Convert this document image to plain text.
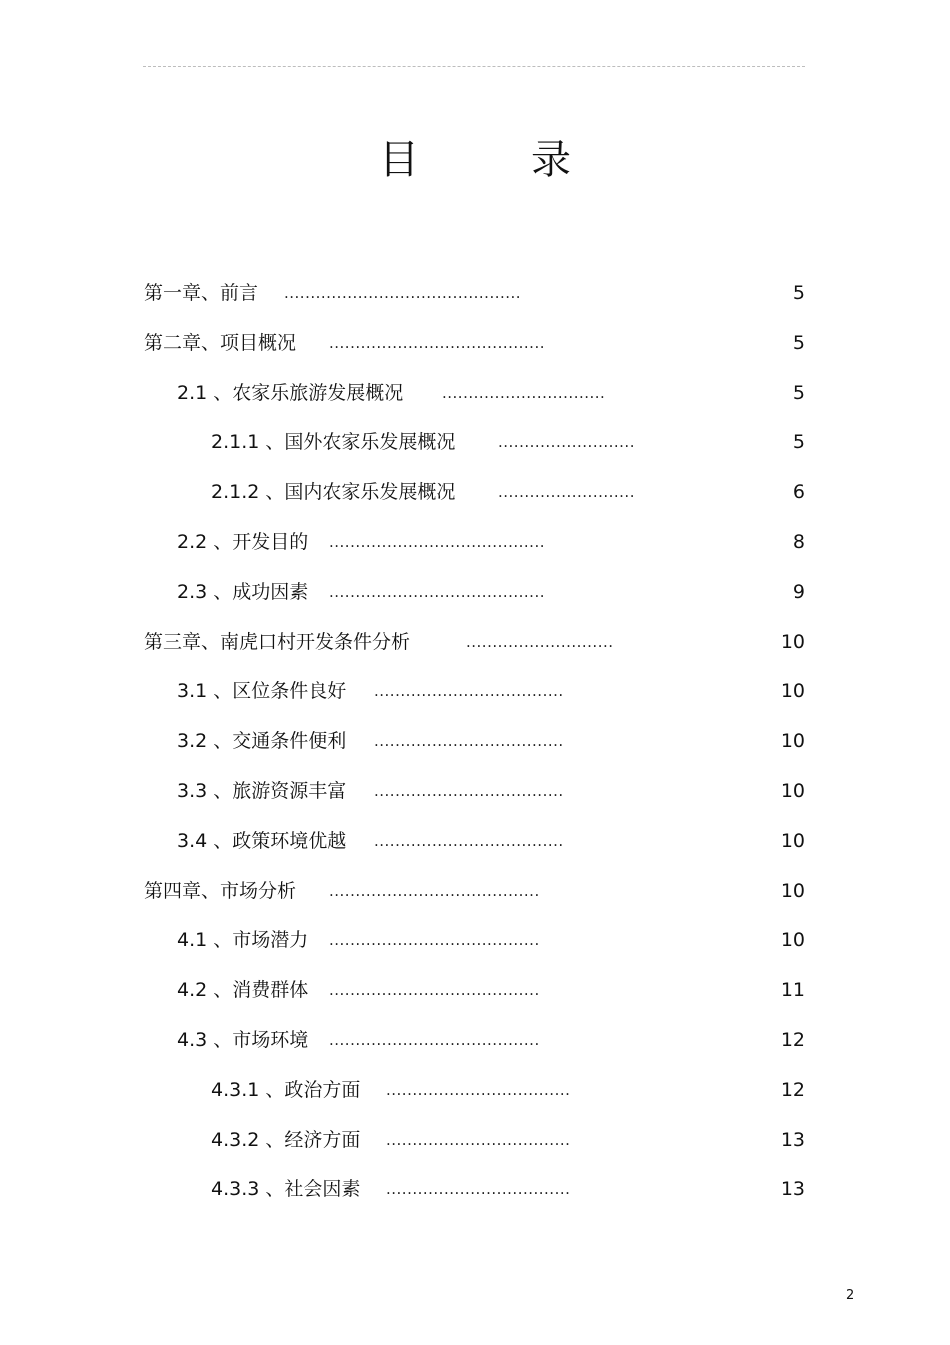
目	录
第一章、前言 .............................................	5
第二章、项目概况 .........................................	5
2.1 、农家乐旅游发展概况	...............................	5
2.1.1 、国外农家乐发展概况	..........................	5
2.1.2 、国内农家乐发展概况	..........................	6
2.2 、开发目的 .........................................	8
2.3 、成功因素 .........................................	9
第三章、南虎口村开发条件分析	............................	10
3.1 、区位条件良好 ....................................	10
3.2 、交通条件便利 ....................................	10
3.3 、旅游资源丰富 ....................................	10
3.4 、政策环境优越 ....................................	10
第四章、市场分析 ........................................	10
4.1 、市场潜力 ........................................	10
4.2 、消费群体 ........................................	11
4.3 、市场环境 ........................................	12
4.3.1 、政治方面 ...................................	12
4.3.2 、经济方面 ...................................	13
4.3.3 、社会因素 ...................................	13
2
